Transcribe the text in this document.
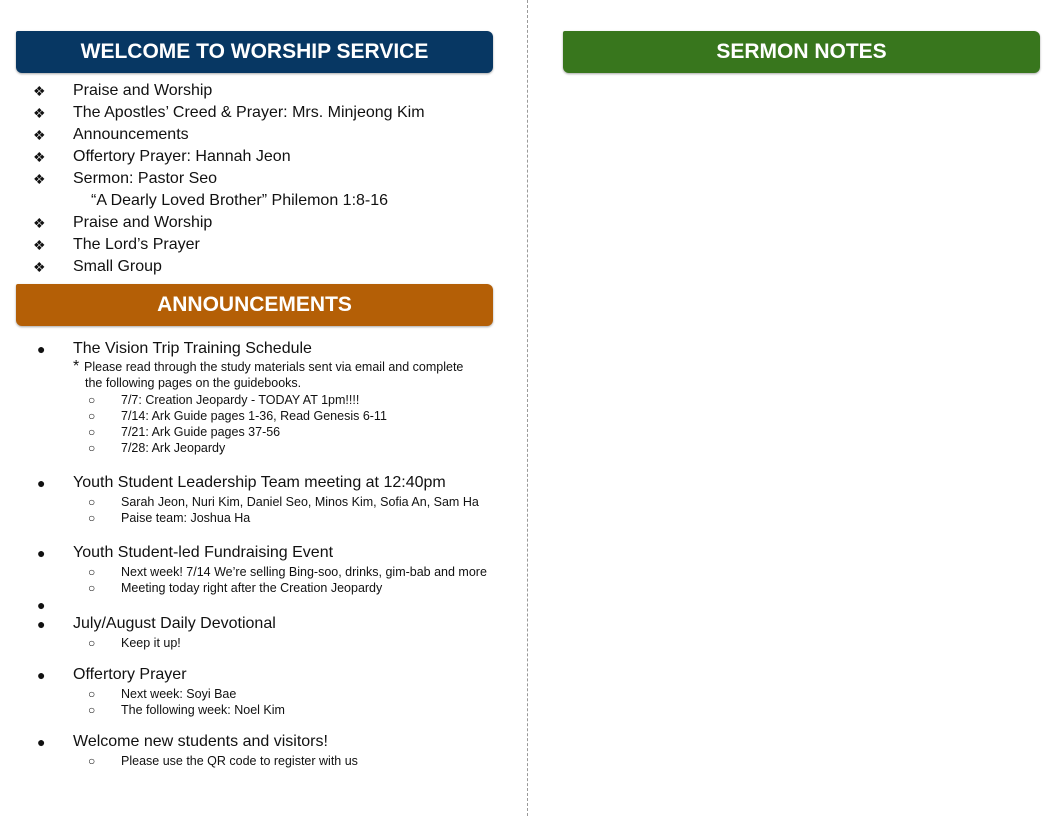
WELCOME TO WORSHIP SERVICE
❖ Praise and Worship
❖ The Apostles’ Creed & Prayer: Mrs. Minjeong Kim
❖ Announcements
❖ Offertory Prayer: Hannah Jeon
❖ Sermon: Pastor Seo
“A Dearly Loved Brother” Philemon 1:8-16
❖ Praise and Worship
❖ The Lord’s Prayer
❖ Small Group
ANNOUNCEMENTS
● The Vision Trip Training Schedule
* Please read through the study materials sent via email and complete
the following pages on the guidebooks.
○ 7/7: Creation Jeopardy - TODAY AT 1pm!!!!
○ 7/14: Ark Guide pages 1-36, Read Genesis 6-11
○ 7/21: Ark Guide pages 37-56
○ 7/28: Ark Jeopardy
● Youth Student Leadership Team meeting at 12:40pm
○ Sarah Jeon, Nuri Kim, Daniel Seo, Minos Kim, Sofia An, Sam Ha
○ Paise team: Joshua Ha
● Youth Student-led Fundraising Event
○ Next week! 7/14 We’re selling Bing-soo, drinks, gim-bab and more
○ Meeting today right after the Creation Jeopardy
●
● July/August Daily Devotional
○ Keep it up!
● Offertory Prayer
○ Next week: Soyi Bae
○ The following week: Noel Kim
● Welcome new students and visitors!
○ Please use the QR code to register with us
SERMON NOTES
